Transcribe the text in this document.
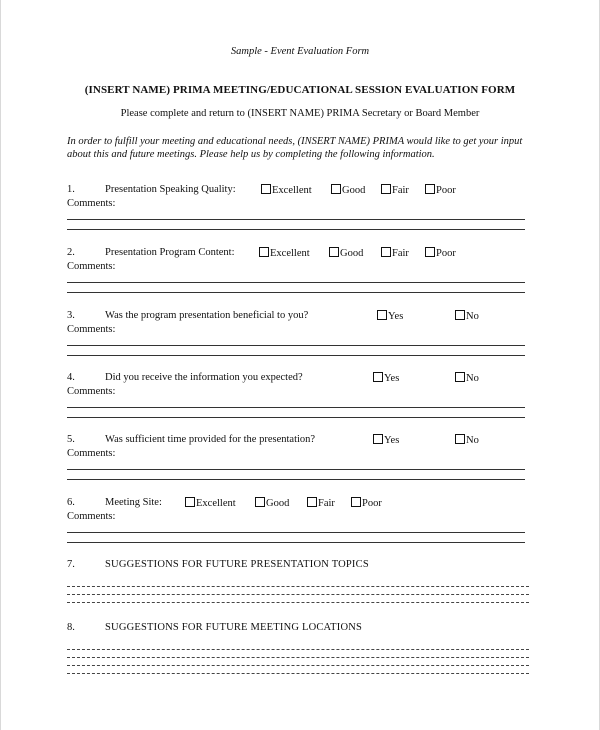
Sample - Event Evaluation Form
(INSERT NAME) PRIMA MEETING/EDUCATIONAL SESSION EVALUATION FORM
Please complete and return to (INSERT NAME) PRIMA Secretary or Board Member
In order to fulfill your meeting and educational needs, (INSERT NAME) PRIMA would like to get your input about this and future meetings. Please help us by completing the following information.
1.	Presentation Speaking Quality:	Excellent	Good	Fair	Poor
Comments:
2.	Presentation Program Content:	Excellent	Good	Fair	Poor
Comments:
3.	Was the program presentation beneficial to you?	Yes	No
Comments:
4.	Did you receive the information you expected?	Yes	No
Comments:
5.	Was sufficient time provided for the presentation?	Yes	No
Comments:
6.	Meeting Site:	Excellent	Good	Fair	Poor
Comments:
7.	SUGGESTIONS FOR FUTURE PRESENTATION TOPICS
8.	SUGGESTIONS FOR FUTURE MEETING LOCATIONS
